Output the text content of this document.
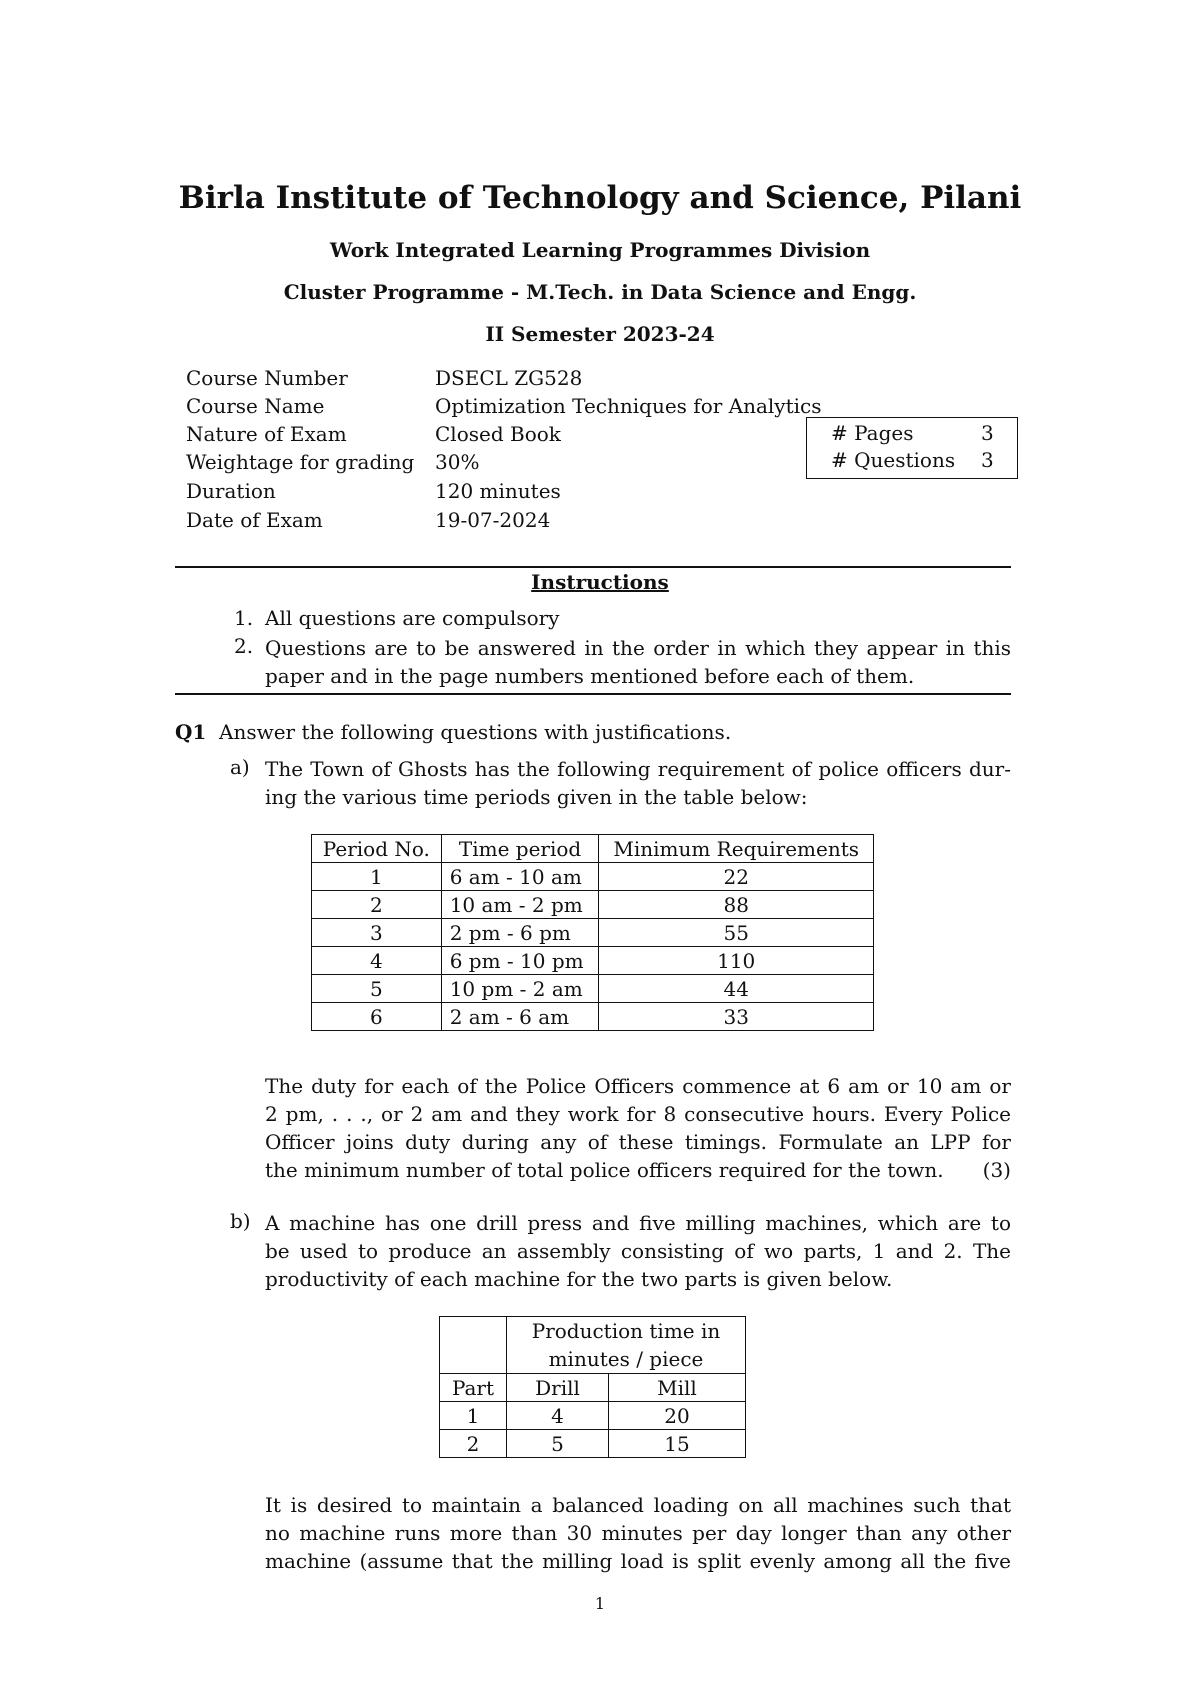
Birla Institute of Technology and Science, Pilani
Work Integrated Learning Programmes Division
Cluster Programme - M.Tech. in Data Science and Engg.
II Semester 2023-24
Course Number	DSECL ZG528
Course Name	Optimization Techniques for Analytics
Nature of Exam	Closed Book
Weightage for grading 30%
Duration	120 minutes
Date of Exam	19-07-2024
# Pages	3
# Questions 3
Instructions
1. All questions are compulsory
2. Questions are to be answered in the order in which they appear in this
paper and in the page numbers mentioned before each of them.
Q1 Answer the following questions with justifications.
a) The Town of Ghosts has the following requirement of police officers dur-
ing the various time periods given in the table below:
Period No.	Time period	Minimum Requirements
1	6 am - 10 am	22
2	10 am - 2 pm	88
3	2 pm - 6 pm	55
4	6 pm - 10 pm	110
5	10 pm - 2 am	44
6	2 am - 6 am	33
The duty for each of the Police Officers commence at 6 am or 10 am or
2 pm, . . ., or 2 am and they work for 8 consecutive hours. Every Police
Officer joins duty during any of these timings. Formulate an LPP for
the minimum number of total police officers required for the town. (3)
b) A machine has one drill press and five milling machines, which are to
be used to produce an assembly consisting of wo parts, 1 and 2. The
productivity of each machine for the two parts is given below.

	Production time in
minutes / piece	

Part	Drill	Mill
1	4	20
2	5	15
It is desired to maintain a balanced loading on all machines such that
no machine runs more than 30 minutes per day longer than any other
machine (assume that the milling load is split evenly among all the five
1
